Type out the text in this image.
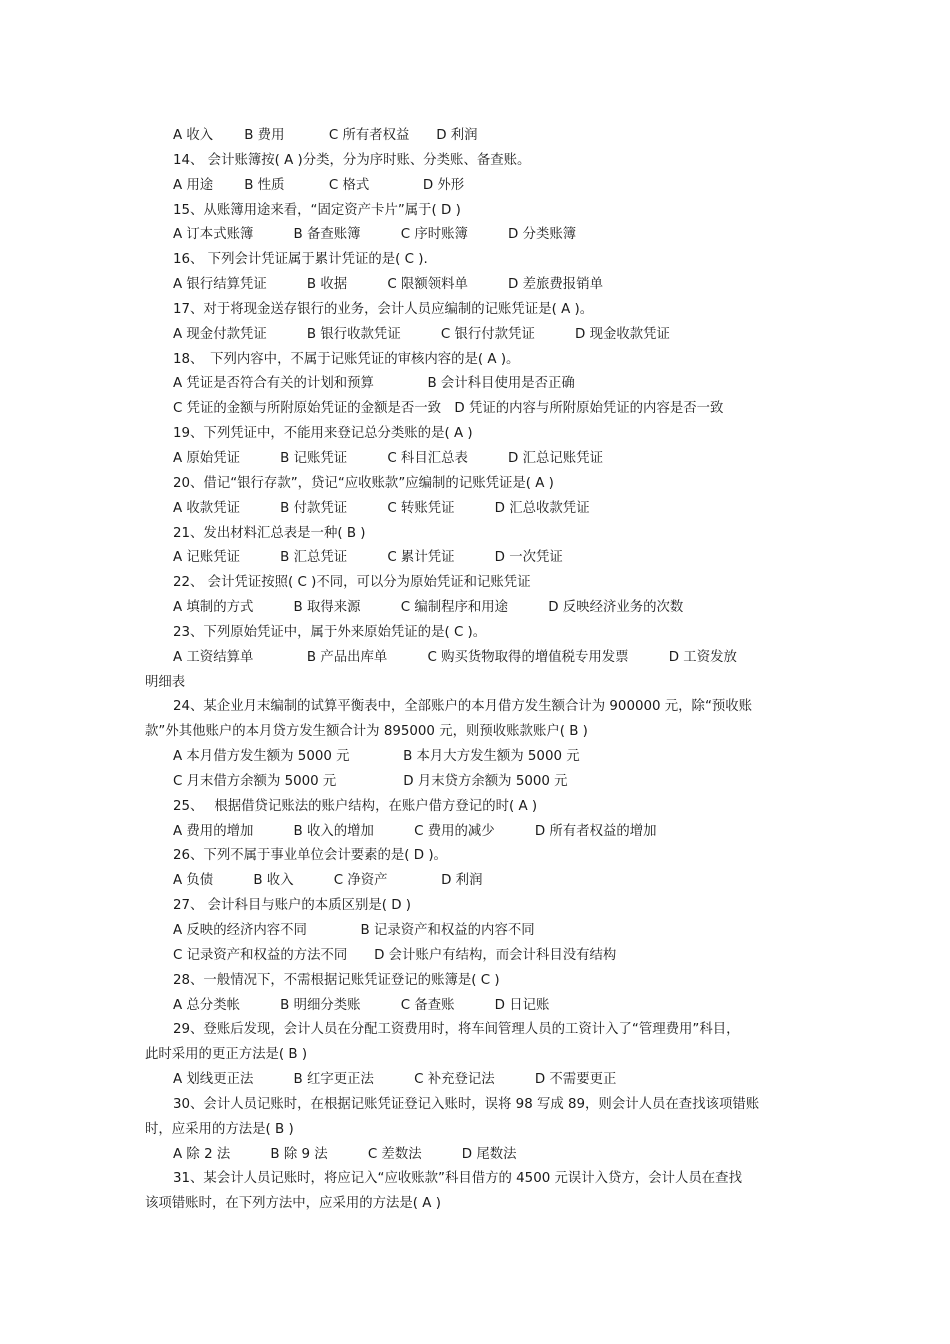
A 收入　　 B 费用　　　 C 所有者权益　　D 利润
14、 会计账簿按( A )分类，分为序时账、分类账、备查账。
A 用途　　 B 性质　　　 C 格式　　　　D 外形
15、从账簿用途来看，“固定资产卡片”属于( D )
A 订本式账簿　　　B 备查账簿　　　C 序时账簿　　　D 分类账簿
16、 下列会计凭证属于累计凭证的是( C ).
A 银行结算凭证　　　B 收据　　　C 限额领料单　　　D 差旅费报销单
17、对于将现金送存银行的业务，会计人员应编制的记账凭证是( A )。
A 现金付款凭证　　　B 银行收款凭证　　　C 银行付款凭证　　　D 现金收款凭证
18、　下列内容中，不属于记账凭证的审核内容的是( A )。
A 凭证是否符合有关的计划和预算　　　　B 会计科目使用是否正确
C 凭证的金额与所附原始凭证的金额是否一致　D 凭证的内容与所附原始凭证的内容是否一致
19、下列凭证中，不能用来登记总分类账的是( A )
A 原始凭证　　　B 记账凭证　　　C 科目汇总表　　　D 汇总记账凭证
20、借记“银行存款”，贷记“应收账款”应编制的记账凭证是( A )
A 收款凭证　　　B 付款凭证　　　C 转账凭证　　　D 汇总收款凭证
21、发出材料汇总表是一种( B )
A 记账凭证　　　B 汇总凭证　　　C 累计凭证　　　D 一次凭证
22、 会计凭证按照( C )不同，可以分为原始凭证和记账凭证
A 填制的方式　　　B 取得来源　　　C 编制程序和用途　　　D 反映经济业务的次数
23、下列原始凭证中，属于外来原始凭证的是( C )。
A 工资结算单　　　　B 产品出库单　　　C 购买货物取得的增值税专用发票　　　D 工资发放
明细表
24、某企业月末编制的试算平衡表中，全部账户的本月借方发生额合计为 900000 元，除“预收账
款”外其他账户的本月贷方发生额合计为 895000 元，则预收账款账户( B )
A 本月借方发生额为 5000 元　　　　B 本月大方发生额为 5000 元
C 月末借方余额为 5000 元　　　　　D 月末贷方余额为 5000 元
25、　 根据借贷记账法的账户结构，在账户借方登记的时( A )
A 费用的增加　　　B 收入的增加　　　C 费用的减少　　　D 所有者权益的增加
26、下列不属于事业单位会计要素的是( D )。
A 负债　　　B 收入　　　C 净资产　　　　D 利润
27、 会计科目与账户的本质区别是( D )
A 反映的经济内容不同　　　　B 记录资产和权益的内容不同
C 记录资产和权益的方法不同　　D 会计账户有结构，而会计科目没有结构
28、一般情况下，不需根据记账凭证登记的账簿是( C )
A 总分类帐　　　B 明细分类账　　　C 备查账　　　D 日记账
29、登账后发现，会计人员在分配工资费用时，将车间管理人员的工资计入了“管理费用”科目，
此时采用的更正方法是( B )
A 划线更正法　　　B 红字更正法　　　C 补充登记法　　　D 不需要更正
30、会计人员记账时，在根据记账凭证登记入账时，误将 98 写成 89，则会计人员在查找该项错账
时，应采用的方法是( B )
A 除 2 法　　　B 除 9 法　　　C 差数法　　　D 尾数法
31、某会计人员记账时，将应记入“应收账款”科目借方的 4500 元误计入贷方，会计人员在查找
该项错账时，在下列方法中，应采用的方法是( A )
